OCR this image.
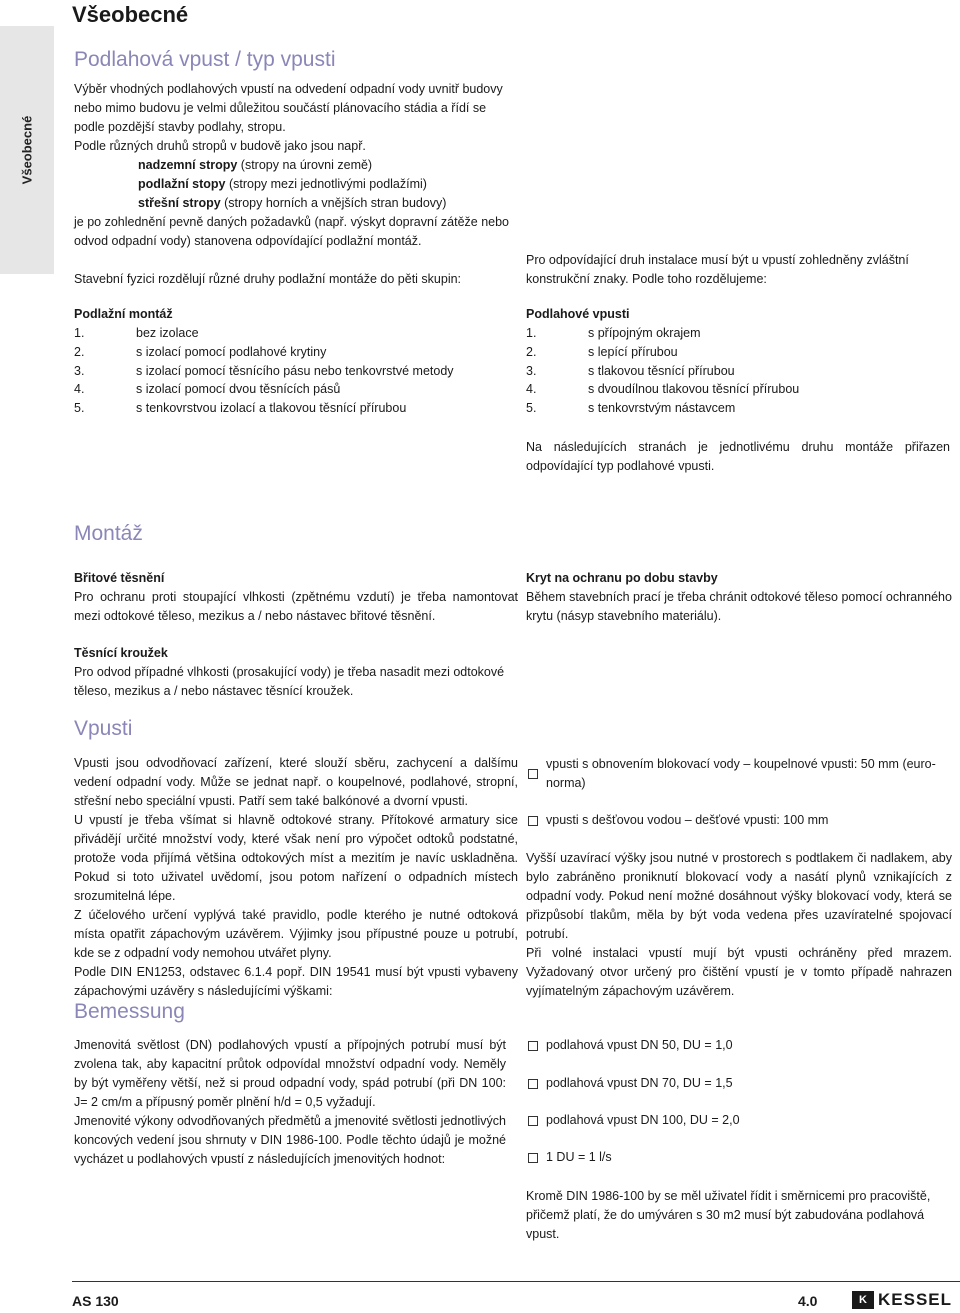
Všeobecné
Všeobecné
Podlahová vpust / typ vpusti

Výběr vhodných podlahových vpustí na odvedení odpadní vody uvnitř budovy nebo mimo budovu je velmi důležitou součástí plánovacího stádia a řídí se podle pozdější stavby podlahy, stropu.

Podle různých druhů stropů v budově jako jsou např.

nadzemní stropy (stropy na úrovni země)

podlažní stopy (stropy mezi jednotlivými podlažími)

střešní stropy (stropy horních a vnějších stran budovy)

je po zohlednění pevně daných požadavků (např. výskyt dopravní zátěže nebo odvod odpadní vody) stanovena odpovídající podlažní montáž.

Stavební fyzici rozdělují různé druhy podlažní montáže do pěti skupin:

Pro odpovídající druh instalace musí být u vpustí zohledněny zvláštní konstrukční znaky. Podle toho rozdělujeme:

Podlažní montáž

1.	bez izolace
2.	s izolací pomocí podlahové krytiny
3.	s izolací pomocí těsnícího pásu nebo tenkovrstvé metody
4.	s izolací pomocí dvou těsnících pásů
5.	s tenkovrstvou izolací a tlakovou těsnící přírubou

Podlahové vpusti

1.	s přípojným okrajem
2.	s lepící přírubou
3.	s tlakovou těsnící přírubou
4.	s dvoudílnou tlakovou těsnící přírubou
5.	s tenkovrstvým nástavcem

Na následujících stranách je jednotlivému druhu montáže přiřazen odpovídající typ podlahové vpusti.

Montáž

Břitové těsnění

Pro ochranu proti stoupající vlhkosti (zpětnému vzdutí) je třeba namontovat mezi odtokové těleso, mezikus a / nebo nástavec břitové těsnění.

Kryt na ochranu po dobu stavby

Během stavebních prací je třeba chránit odtokové těleso pomocí ochranného krytu (násyp stavebního materiálu).

Těsnící kroužek

Pro odvod případné vlhkosti (prosakující vody) je třeba nasadit mezi odtokové těleso, mezikus a / nebo nástavec těsnící kroužek.

Vpusti

Vpusti jsou odvodňovací zařízení, které slouží sběru, zachycení a dalšímu vedení odpadní vody. Může se jednat např. o koupelnové, podlahové, stropní, střešní nebo speciální vpusti. Patří sem také balkónové a dvorní vpusti.

U vpustí je třeba všímat si hlavně odtokové strany. Přítokové armatury sice přivádějí určité množství vody, které však není pro výpočet odtoků podstatné, protože voda přijímá většina odtokových míst a mezitím je navíc uskladněna. Pokud si toto uživatel uvědomí, jsou potom nařízení o odpadních místech srozumitelná lépe.

Z účelového určení vyplývá také pravidlo, podle kterého je nutné odtoková místa opatřit zápachovým uzávěrem. Výjimky jsou přípustné pouze u potrubí, kde se z odpadní vody nemohou utvářet plyny.

Podle DIN EN1253, odstavec 6.1.4 popř. DIN 19541 musí být vpusti vybaveny zápachovými uzávěry s následujícími výškami:

vpusti s obnovením blokovací vody – koupelnové vpusti: 50 mm (euro-norma)
vpusti s dešťovou vodou – dešťové vpusti: 100 mm

Vyšší uzavírací výšky jsou nutné v prostorech s podtlakem či nadlakem, aby bylo zabráněno proniknutí blokovací vody a nasátí plynů vznikajících z odpadní vody. Pokud není možné dosáhnout výšky blokovací vody, která se přizpůsobí tlakům, měla by být voda vedena přes uzavíratelné spojovací potrubí.

Při volné instalaci vpustí mují být vpusti ochráněny před mrazem. Vyžadovaný otvor určený pro čištění vpustí je v tomto případě nahrazen vyjímatelným zápachovým uzávěrem.

Bemessung

Jmenovitá světlost (DN) podlahových vpustí a přípojných potrubí musí být zvolena tak, aby kapacitní průtok odpovídal množství odpadní vody. Neměly by být vyměřeny větší, než si proud odpadní vody, spád potrubí (při DN 100: J= 2 cm/m a přípusný poměr plnění h/d = 0,5 vyžadují.

Jmenovité výkony odvodňovaných předmětů a jmenovité světlosti jednotlivých koncových vedení jsou shrnuty v DIN 1986-100. Podle těchto údajů je možné vycházet u podlahových vpustí z následujících jmenovitých hodnot:

podlahová vpust DN 50, DU = 1,0
podlahová vpust DN 70, DU = 1,5
podlahová vpust DN 100, DU = 2,0
1 DU = 1 l/s

Kromě DIN 1986-100 by se měl uživatel řídit i směrnicemi pro pracoviště, přičemž platí, že do umýváren s 30 m2 musí být zabudována podlahová vpust.

AS 130	4.0	K KESSEL
